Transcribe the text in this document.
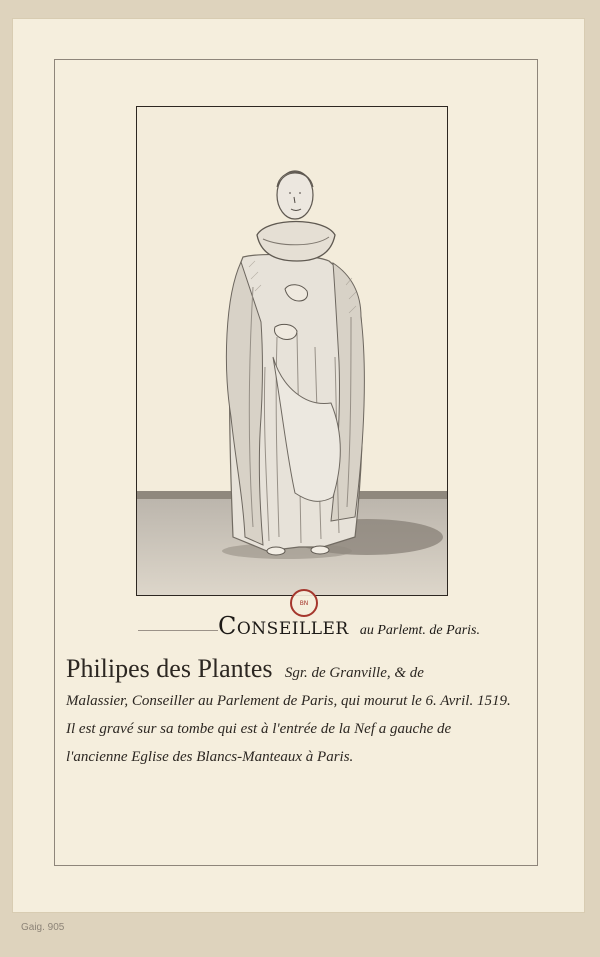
BN
Conseiller au Parlemt. de Paris.
Philipes des Plantes Sgr. de Granville, & de
Malassier, Conseiller au Parlement de Paris, qui mourut le 6. Avril. 1519.
Il est gravé sur sa tombe qui est à l'entrée de la Nef a gauche de
l'ancienne Eglise des Blancs-Manteaux à Paris.
Gaig. 905
